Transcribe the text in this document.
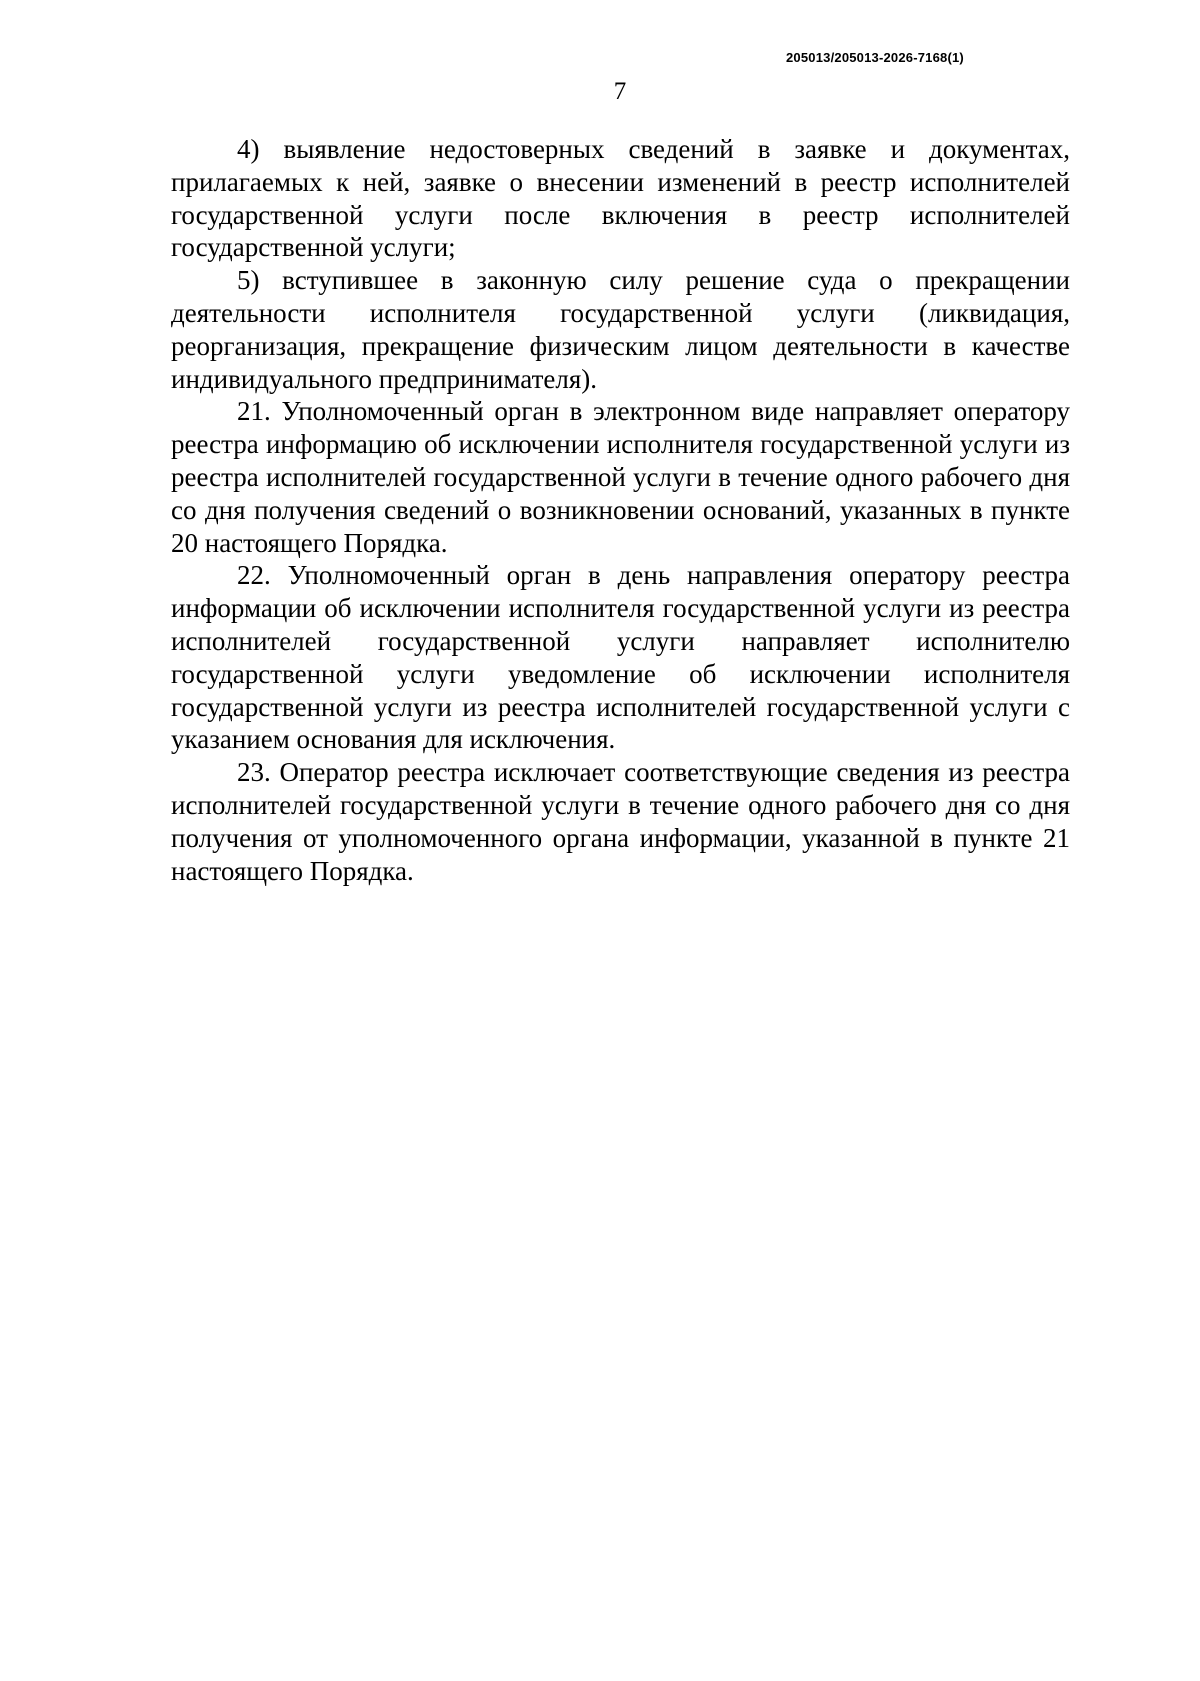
205013/205013-2026-7168(1)
7

4) выявление недостоверных сведений в заявке и документах, прилагаемых к ней, заявке о внесении изменений в реестр исполнителей государственной услуги после включения в реестр исполнителей государственной услуги;

5) вступившее в законную силу решение суда о прекращении деятельности исполнителя государственной услуги (ликвидация, реорганизация, прекращение физическим лицом деятельности в качестве индивидуального предпринимателя).

21. Уполномоченный орган в электронном виде направляет оператору реестра информацию об исключении исполнителя государственной услуги из реестра исполнителей государственной услуги в течение одного рабочего дня со дня получения сведений о возникновении оснований, указанных в пункте 20 настоящего Порядка.

22. Уполномоченный орган в день направления оператору реестра информации об исключении исполнителя государственной услуги из реестра исполнителей государственной услуги направляет исполнителю государственной услуги уведомление об исключении исполнителя государственной услуги из реестра исполнителей государственной услуги с указанием основания для исключения.

23. Оператор реестра исключает соответствующие сведения из реестра исполнителей государственной услуги в течение одного рабочего дня со дня получения от уполномоченного органа информации, указанной в пункте 21 настоящего Порядка.
